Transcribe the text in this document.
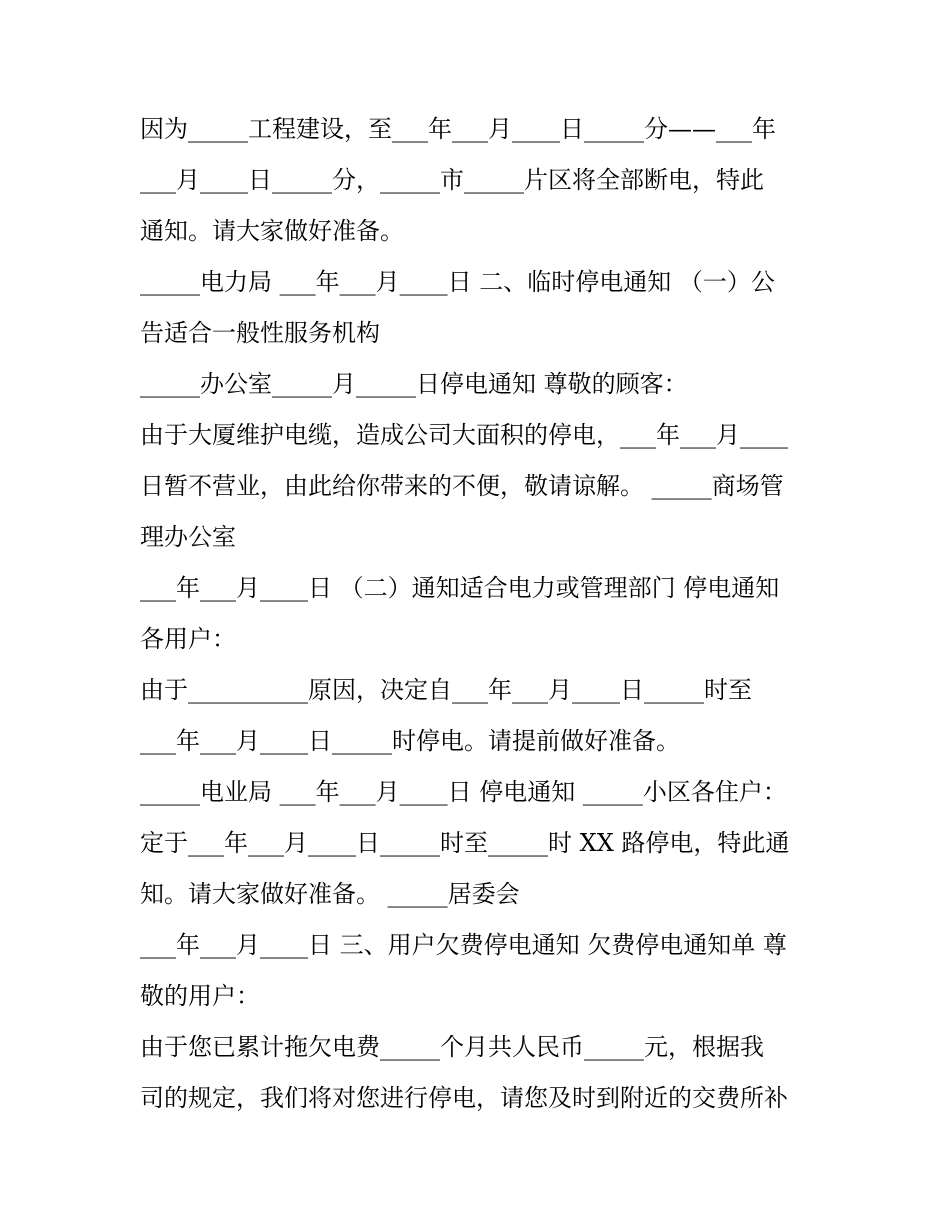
因为_____工程建设，至___年___月____日_____分——___年
___月____日_____分，_____市_____片区将全部断电，特此
通知。请大家做好准备。
_____电力局 ___年___月____日 二、临时停电通知 （一）公
告适合一般性服务机构
_____办公室_____月_____日停电通知 尊敬的顾客：
由于大厦维护电缆，造成公司大面积的停电，___年___月____
日暂不营业，由此给你带来的不便，敬请谅解。 _____商场管
理办公室
___年___月____日 （二）通知适合电力或管理部门 停电通知
各用户：
由于__________原因，决定自___年___月____日_____时至
___年___月____日_____时停电。请提前做好准备。
_____电业局 ___年___月____日 停电通知 _____小区各住户：
定于___年___月____日_____时至_____时 XX 路停电，特此通
知。请大家做好准备。 _____居委会
___年___月____日 三、用户欠费停电通知 欠费停电通知单 尊
敬的用户：
由于您已累计拖欠电费_____个月共人民币_____元，根据我
司的规定，我们将对您进行停电，请您及时到附近的交费所补
